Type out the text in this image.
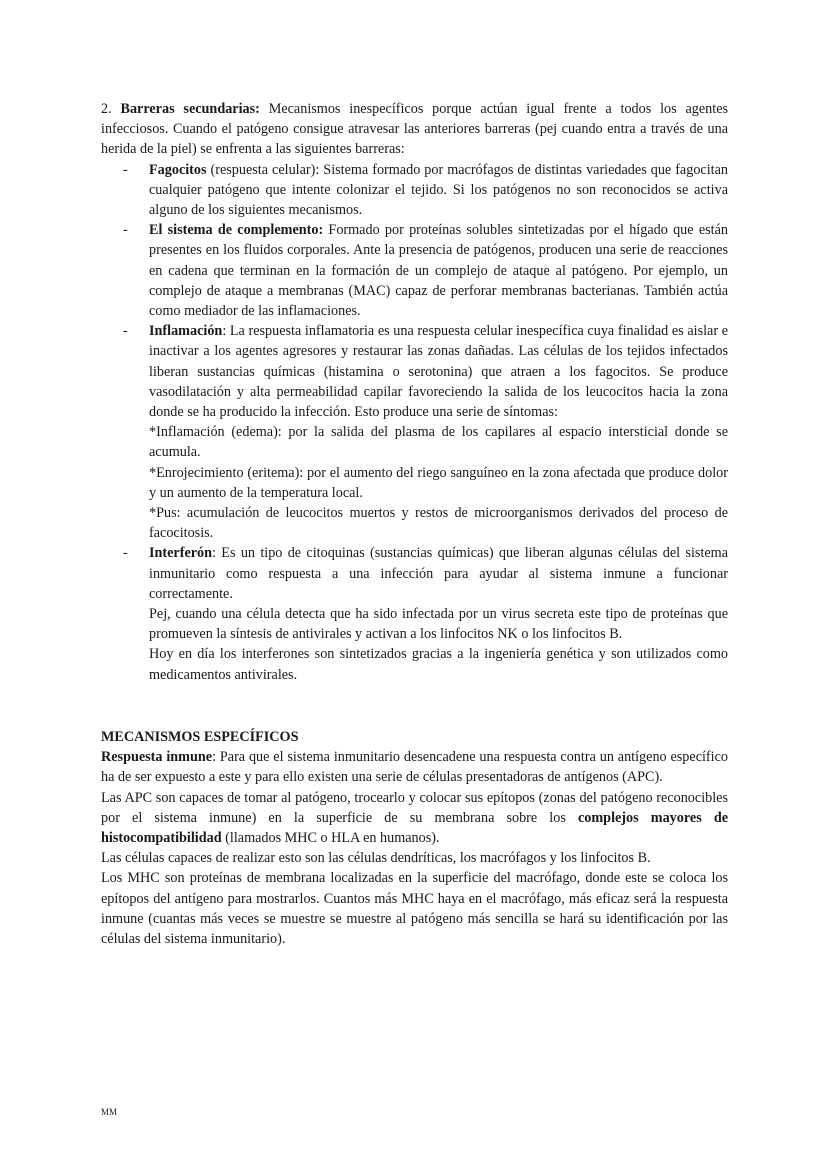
2. Barreras secundarias: Mecanismos inespecíficos porque actúan igual frente a todos los agentes infecciosos. Cuando el patógeno consigue atravesar las anteriores barreras (pej cuando entra a través de una herida de la piel) se enfrenta a las siguientes barreras:

- Fagocitos (respuesta celular): Sistema formado por macrófagos de distintas variedades que fagocitan cualquier patógeno que intente colonizar el tejido. Si los patógenos no son reconocidos se activa alguno de los siguientes mecanismos.

- El sistema de complemento: Formado por proteínas solubles sintetizadas por el hígado que están presentes en los fluidos corporales. Ante la presencia de patógenos, producen una serie de reacciones en cadena que terminan en la formación de un complejo de ataque al patógeno. Por ejemplo, un complejo de ataque a membranas (MAC) capaz de perforar membranas bacterianas. También actúa como mediador de las inflamaciones.

- Inflamación: La respuesta inflamatoria es una respuesta celular inespecífica cuya finalidad es aislar e inactivar a los agentes agresores y restaurar las zonas dañadas. Las células de los tejidos infectados liberan sustancias químicas (histamina o serotonina) que atraen a los fagocitos. Se produce vasodilatación y alta permeabilidad capilar favoreciendo la salida de los leucocitos hacia la zona donde se ha producido la infección. Esto produce una serie de síntomas:

*Inflamación (edema): por la salida del plasma de los capilares al espacio intersticial donde se acumula.

*Enrojecimiento (eritema): por el aumento del riego sanguíneo en la zona afectada que produce dolor y un aumento de la temperatura local.

*Pus: acumulación de leucocitos muertos y restos de microorganismos derivados del proceso de facocitosis.

- Interferón: Es un tipo de citoquinas (sustancias químicas) que liberan algunas células del sistema inmunitario como respuesta a una infección para ayudar al sistema inmune a funcionar correctamente.

Pej, cuando una célula detecta que ha sido infectada por un virus secreta este tipo de proteínas que promueven la síntesis de antivirales y activan a los linfocitos NK o los linfocitos B.

Hoy en día los interferones son sintetizados gracias a la ingeniería genética y son utilizados como medicamentos antivirales.

MECANISMOS ESPECÍFICOS

Respuesta inmune: Para que el sistema inmunitario desencadene una respuesta contra un antígeno específico ha de ser expuesto a este y para ello existen una serie de células presentadoras de antígenos (APC).

Las APC son capaces de tomar al patógeno, trocearlo y colocar sus epítopos (zonas del patógeno reconocibles por el sistema inmune) en la superficie de su membrana sobre los complejos mayores de histocompatibilidad (llamados MHC o HLA en humanos).

Las células capaces de realizar esto son las células dendríticas, los macrófagos y los linfocitos B.

Los MHC son proteínas de membrana localizadas en la superficie del macrófago, donde este se coloca los epítopos del antígeno para mostrarlos. Cuantos más MHC haya en el macrófago, más eficaz será la respuesta inmune (cuantas más veces se muestre se muestre al patógeno más sencilla se hará su identificación por las células del sistema inmunitario).

MM
